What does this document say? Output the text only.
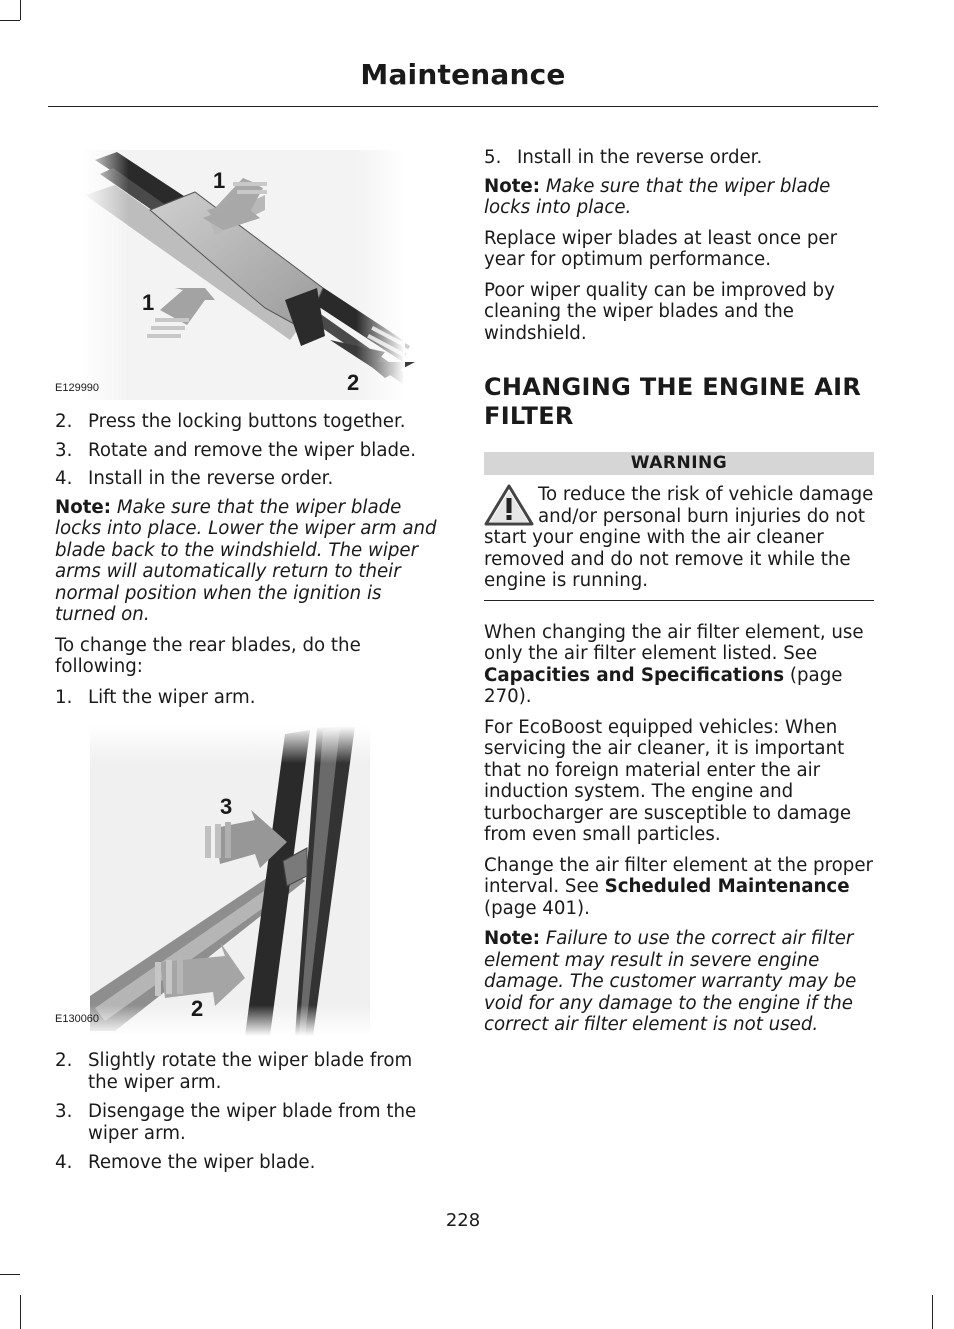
Maintenance
1
1
2
E129990
2. Press the locking buttons together.
3. Rotate and remove the wiper blade.
4. Install in the reverse order.

Note: Make sure that the wiper blade locks into place. Lower the wiper arm and blade back to the windshield. The wiper arms will automatically return to their normal position when the ignition is turned on.

To change the rear blades, do the following:

1. Lift the wiper arm.
3
2
E130060
2. Slightly rotate the wiper blade from the wiper arm.
3. Disengage the wiper blade from the wiper arm.
4. Remove the wiper blade.
5. Install in the reverse order.

Note: Make sure that the wiper blade locks into place.

Replace wiper blades at least once per year for optimum performance.

Poor wiper quality can be improved by cleaning the wiper blades and the windshield.

CHANGING THE ENGINE AIR FILTER
WARNING
To reduce the risk of vehicle damage and/or personal burn injuries do not start your engine with the air cleaner removed and do not remove it while the engine is running.

When changing the air filter element, use only the air filter element listed. See Capacities and Specifications (page 270).

For EcoBoost equipped vehicles: When servicing the air cleaner, it is important that no foreign material enter the air induction system. The engine and turbocharger are susceptible to damage from even small particles.

Change the air filter element at the proper interval. See Scheduled Maintenance (page 401).

Note: Failure to use the correct air filter element may result in severe engine damage. The customer warranty may be void for any damage to the engine if the correct air filter element is not used.

228
